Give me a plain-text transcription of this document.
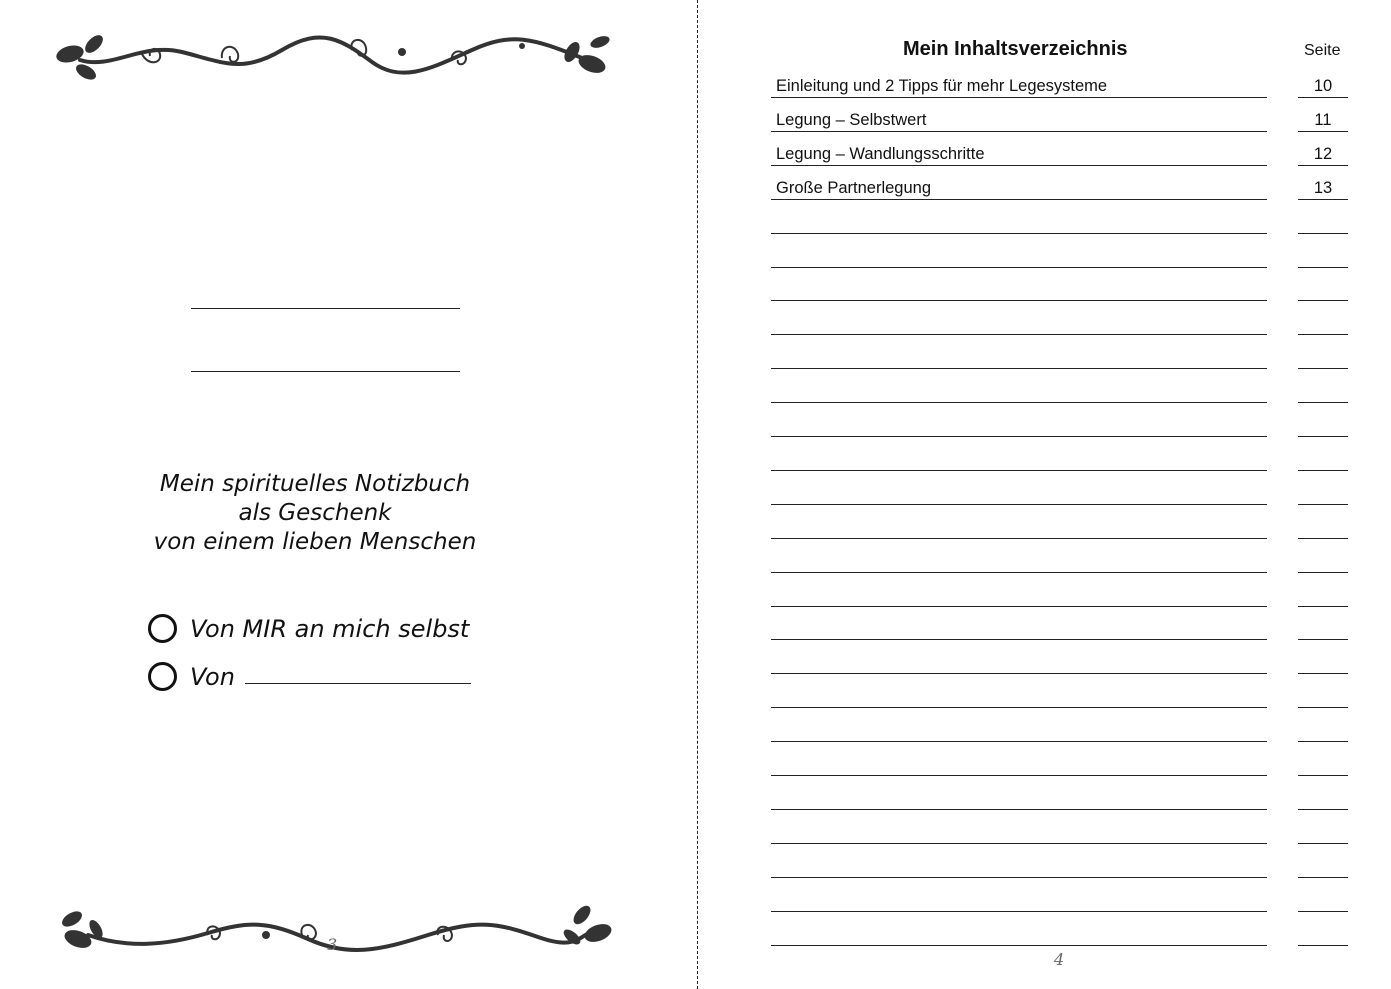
Mein spirituelles Notizbuch
als Geschenk
von einem lieben Menschen
Von MIR an mich selbst
Von
3
Mein Inhaltsverzeichnis	Seite
Einleitung und 2 Tipps für mehr Legesysteme	10
Legung – Selbstwert	11
Legung – Wandlungsschritte	12
Große Partnerlegung	13
4
